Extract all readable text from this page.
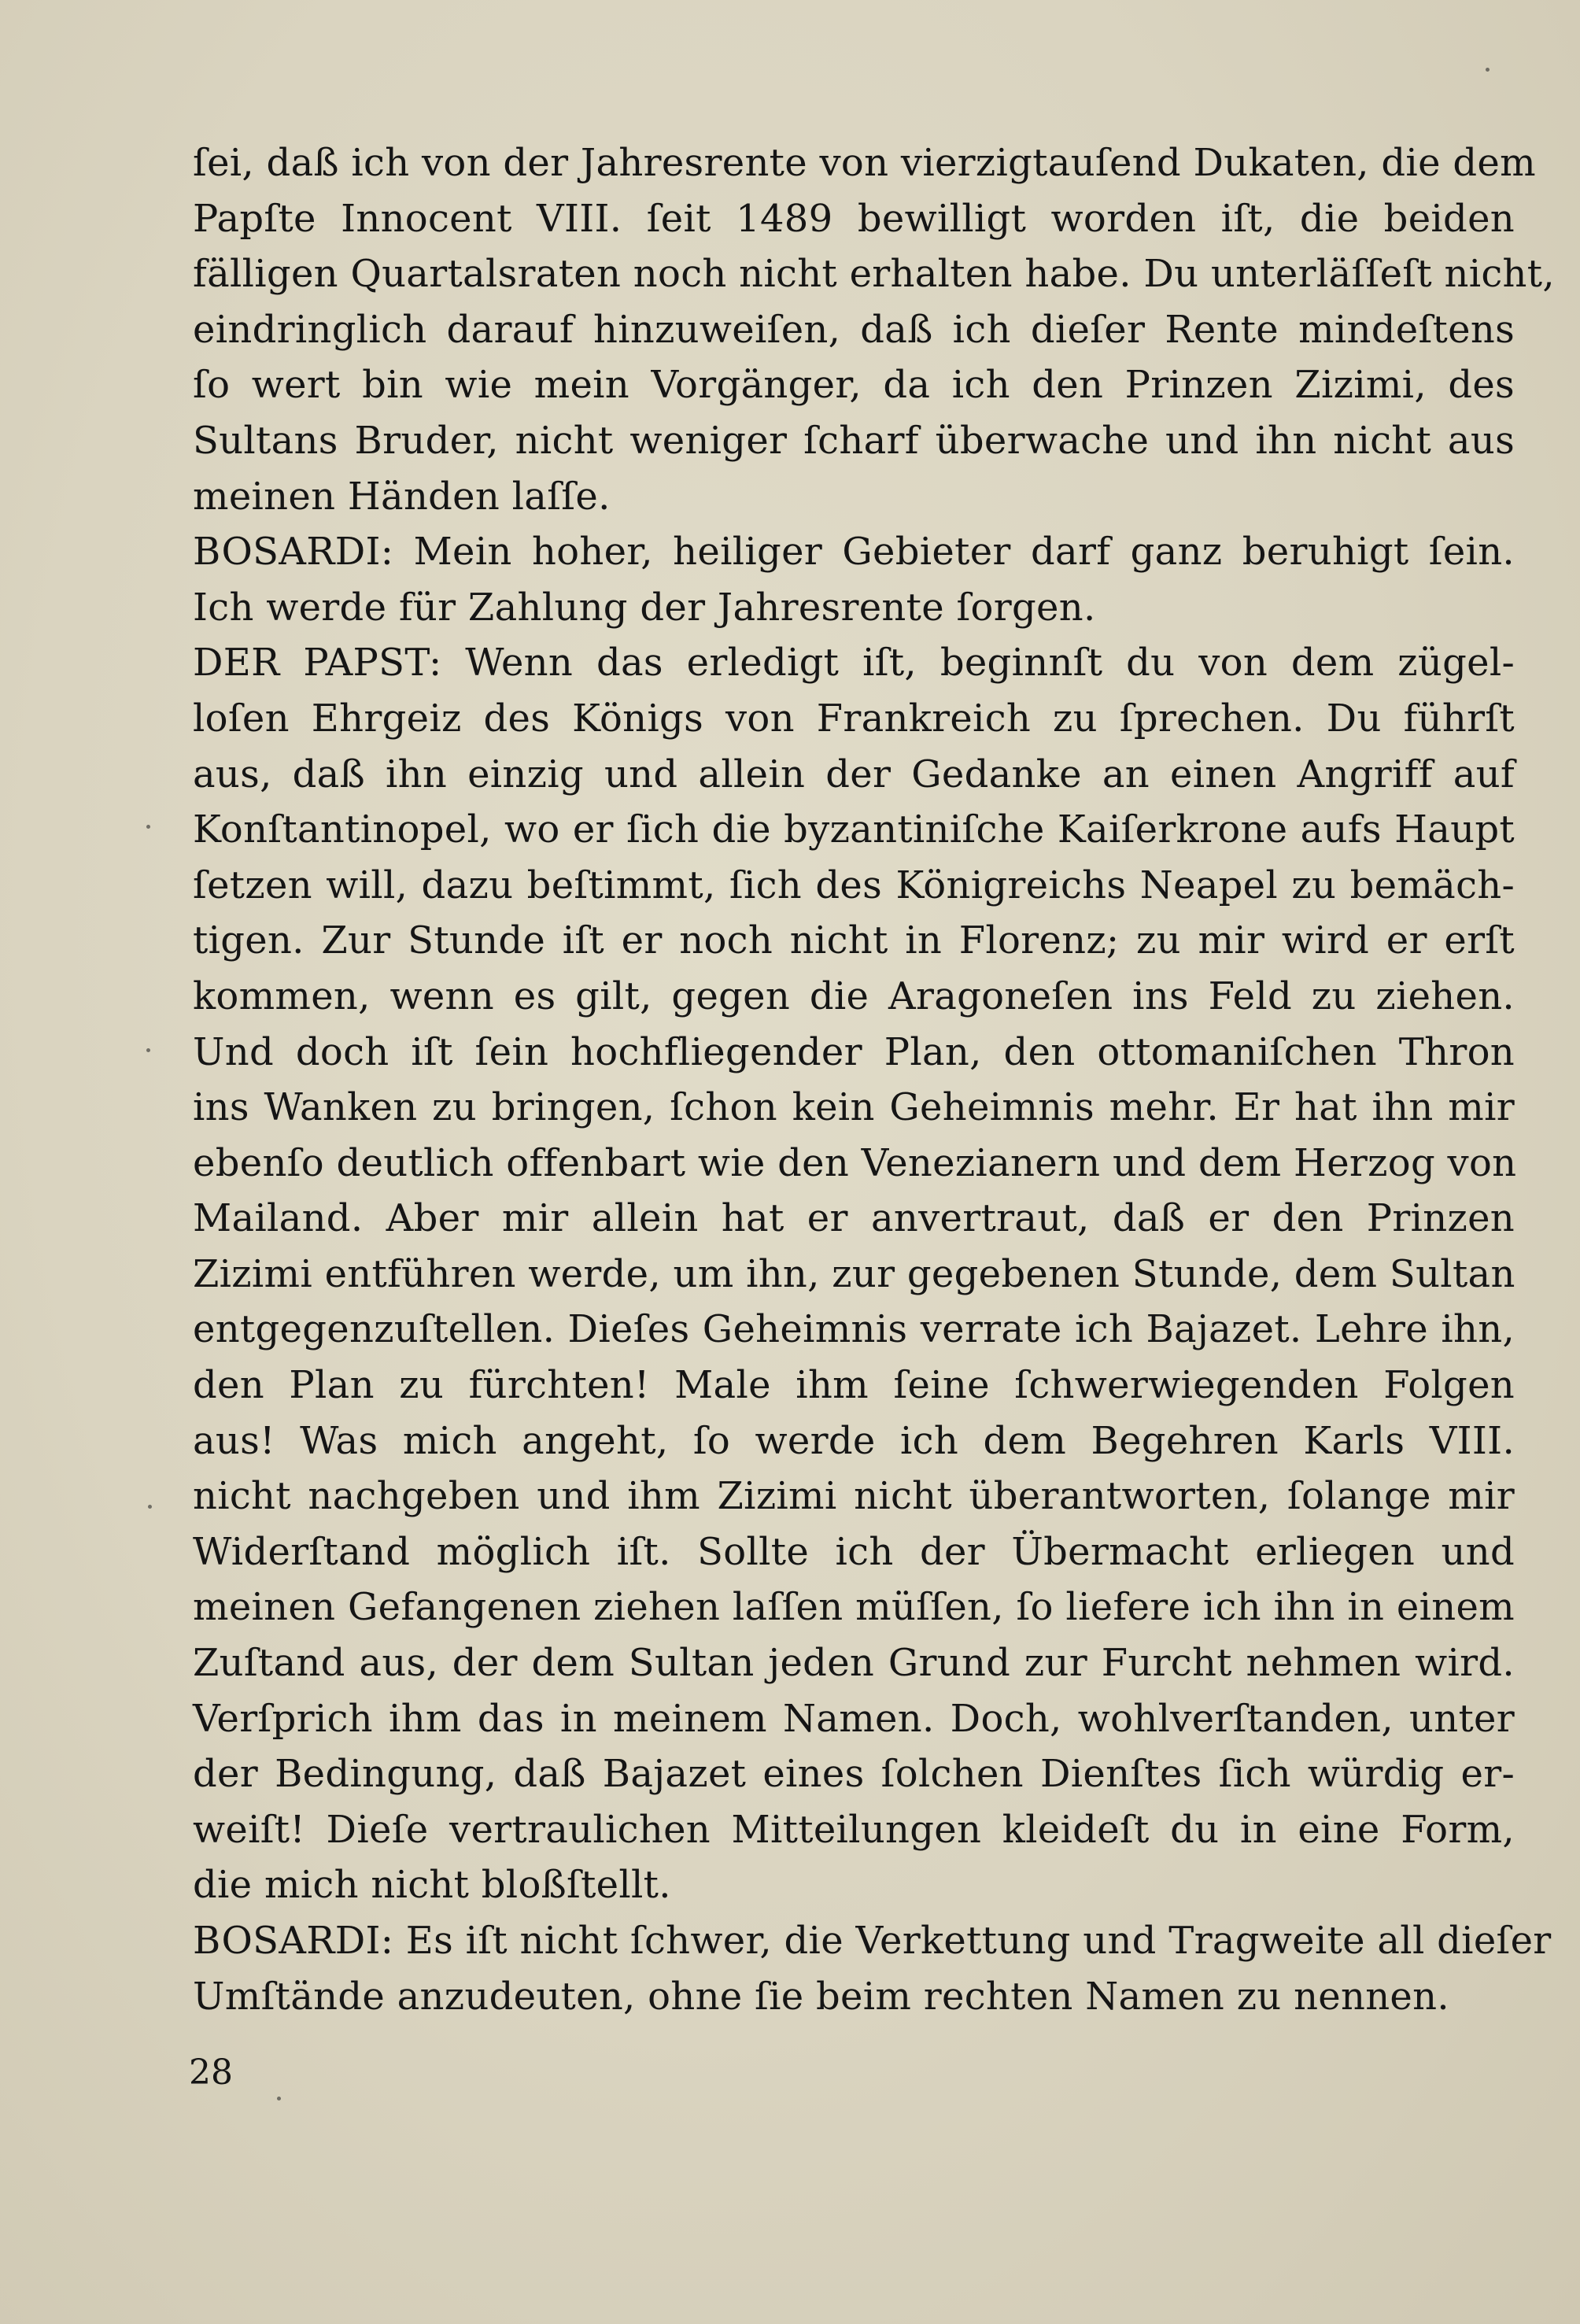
ſei, daß ich von der Jahresrente von vierzigtauſend Dukaten, die dem
Papſte Innocent VIII. ſeit 1489 bewilligt worden iſt, die beiden
fälligen Quartalsraten noch nicht erhalten habe. Du unterläſſeſt nicht,
eindringlich darauf hinzuweiſen, daß ich dieſer Rente mindeſtens
ſo wert bin wie mein Vorgänger, da ich den Prinzen Zizimi, des
Sultans Bruder, nicht weniger ſcharf überwache und ihn nicht aus
meinen Händen laſſe.
BOSARDI: Mein hoher, heiliger Gebieter darf ganz beruhigt ſein.
Ich werde für Zahlung der Jahresrente ſorgen.
DER PAPST: Wenn das erledigt iſt, beginnſt du von dem zügel-
loſen Ehrgeiz des Königs von Frankreich zu ſprechen. Du führſt
aus, daß ihn einzig und allein der Gedanke an einen Angriff auf
Konſtantinopel, wo er ſich die byzantiniſche Kaiſerkrone aufs Haupt
ſetzen will, dazu beſtimmt, ſich des Königreichs Neapel zu bemäch-
tigen. Zur Stunde iſt er noch nicht in Florenz; zu mir wird er erſt
kommen, wenn es gilt, gegen die Aragoneſen ins Feld zu ziehen.
Und doch iſt ſein hochfliegender Plan, den ottomaniſchen Thron
ins Wanken zu bringen, ſchon kein Geheimnis mehr. Er hat ihn mir
ebenſo deutlich offenbart wie den Venezianern und dem Herzog von
Mailand. Aber mir allein hat er anvertraut, daß er den Prinzen
Zizimi entführen werde, um ihn, zur gegebenen Stunde, dem Sultan
entgegenzuſtellen. Dieſes Geheimnis verrate ich Bajazet. Lehre ihn,
den Plan zu fürchten! Male ihm ſeine ſchwerwiegenden Folgen
aus! Was mich angeht, ſo werde ich dem Begehren Karls VIII.
nicht nachgeben und ihm Zizimi nicht überantworten, ſolange mir
Widerſtand möglich iſt. Sollte ich der Übermacht erliegen und
meinen Gefangenen ziehen laſſen müſſen, ſo liefere ich ihn in einem
Zuſtand aus, der dem Sultan jeden Grund zur Furcht nehmen wird.
Verſprich ihm das in meinem Namen. Doch, wohlverſtanden, unter
der Bedingung, daß Bajazet eines ſolchen Dienſtes ſich würdig er-
weiſt! Dieſe vertraulichen Mitteilungen kleideſt du in eine Form,
die mich nicht bloßſtellt.
BOSARDI: Es iſt nicht ſchwer, die Verkettung und Tragweite all dieſer
Umſtände anzudeuten, ohne ſie beim rechten Namen zu nennen.
28
